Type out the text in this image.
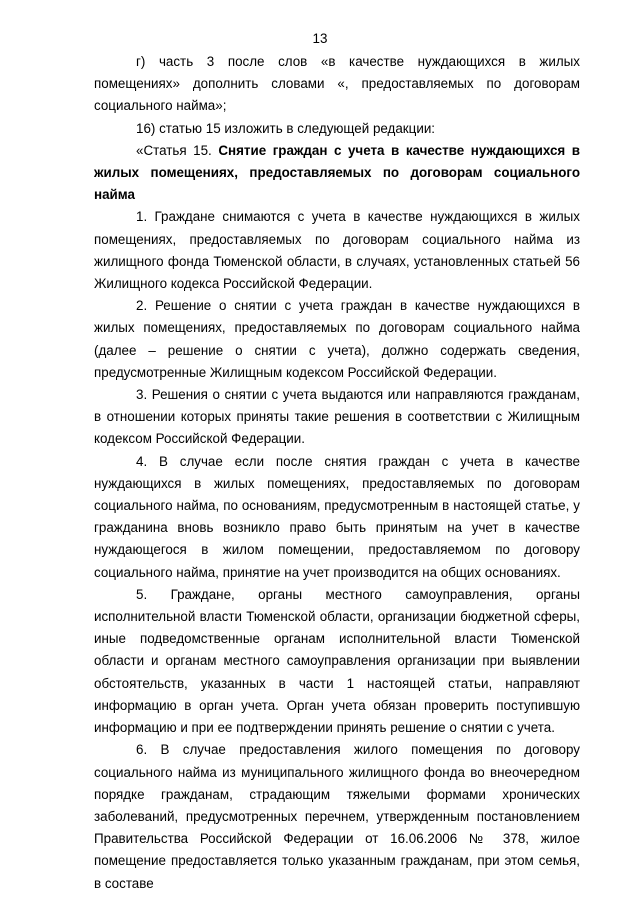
13

г) часть 3 после слов «в качестве нуждающихся в жилых помещениях» дополнить словами «, предоставляемых по договорам социального найма»;

16) статью 15 изложить в следующей редакции:

«Статья 15. Снятие граждан с учета в качестве нуждающихся в жилых помещениях, предоставляемых по договорам социального найма

1. Граждане снимаются с учета в качестве нуждающихся в жилых помещениях, предоставляемых по договорам социального найма из жилищного фонда Тюменской области, в случаях, установленных статьей 56 Жилищного кодекса Российской Федерации.

2. Решение о снятии с учета граждан в качестве нуждающихся в жилых помещениях, предоставляемых по договорам социального найма (далее – решение о снятии с учета), должно содержать сведения, предусмотренные Жилищным кодексом Российской Федерации.

3. Решения о снятии с учета выдаются или направляются гражданам, в отношении которых приняты такие решения в соответствии с Жилищным кодексом Российской Федерации.

4. В случае если после снятия граждан с учета в качестве нуждающихся в жилых помещениях, предоставляемых по договорам социального найма, по основаниям, предусмотренным в настоящей статье, у гражданина вновь возникло право быть принятым на учет в качестве нуждающегося в жилом помещении, предоставляемом по договору социального найма, принятие на учет производится на общих основаниях.

5. Граждане, органы местного самоуправления, органы исполнительной власти Тюменской области, организации бюджетной сферы, иные подведомственные органам исполнительной власти Тюменской области и органам местного самоуправления организации при выявлении обстоятельств, указанных в части 1 настоящей статьи, направляют информацию в орган учета. Орган учета обязан проверить поступившую информацию и при ее подтверждении принять решение о снятии с учета.

6. В случае предоставления жилого помещения по договору социального найма из муниципального жилищного фонда во внеочередном порядке гражданам, страдающим тяжелыми формами хронических заболеваний, предусмотренных перечнем, утвержденным постановлением Правительства Российской Федерации от 16.06.2006 № 378, жилое помещение предоставляется только указанным гражданам, при этом семья, в составе
